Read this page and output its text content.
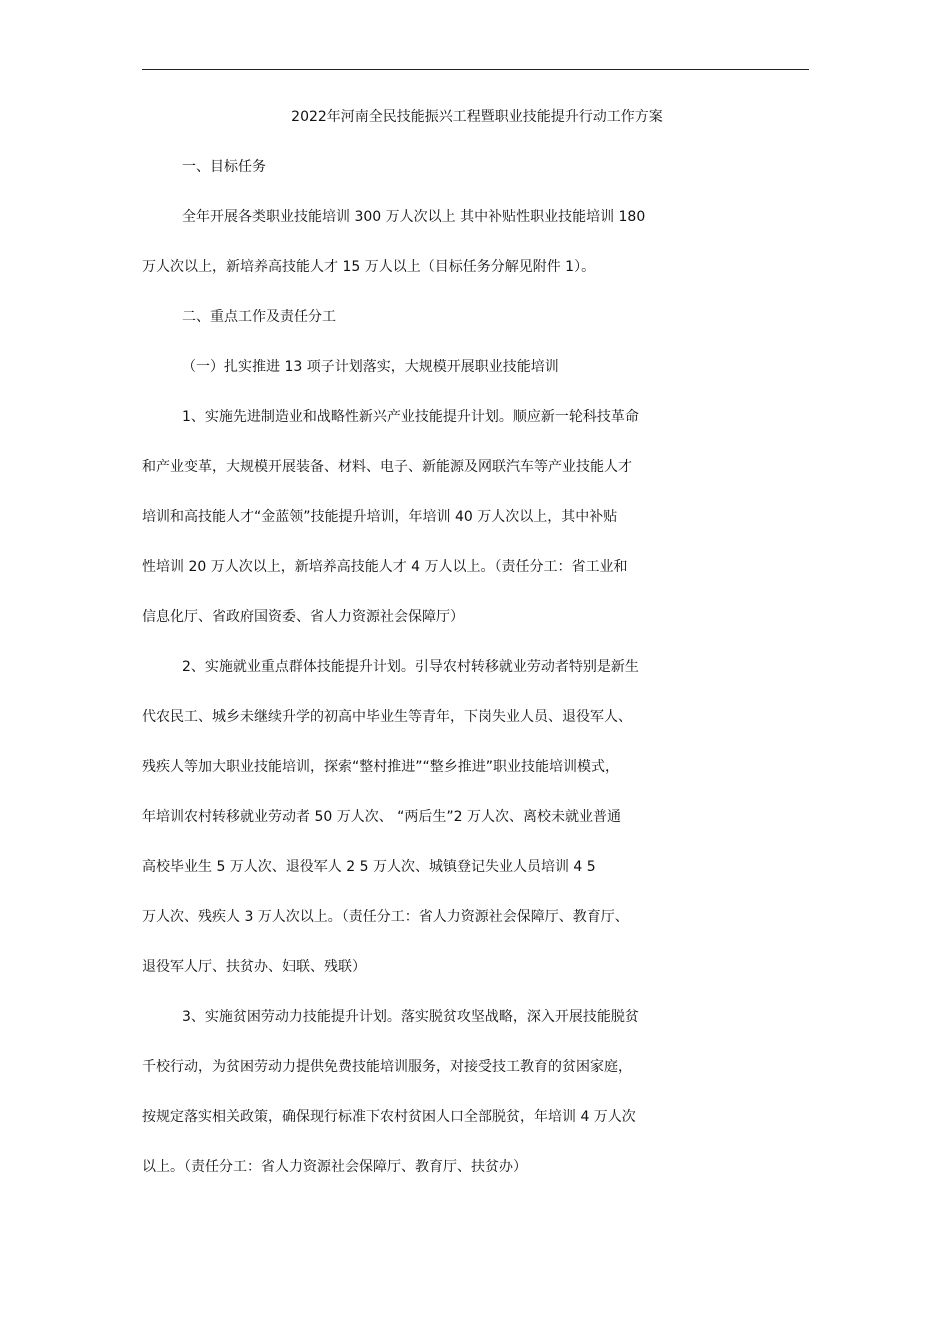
2022年河南全民技能振兴工程暨职业技能提升行动工作方案
一、目标任务
全年开展各类职业技能培训 300 万人次以上 其中补贴性职业技能培训 180
万人次以上，新培养高技能人才 15 万人以上（目标任务分解见附件 1）。
二、重点工作及责任分工
（一）扎实推进 13 项子计划落实，大规模开展职业技能培训
1、实施先进制造业和战略性新兴产业技能提升计划。顺应新一轮科技革命
和产业变革，大规模开展装备、材料、电子、新能源及网联汽车等产业技能人才
培训和高技能人才“金蓝领”技能提升培训，年培训 40 万人次以上，其中补贴
性培训 20 万人次以上，新培养高技能人才 4 万人以上。（责任分工：省工业和
信息化厅、省政府国资委、省人力资源社会保障厅）
2、实施就业重点群体技能提升计划。引导农村转移就业劳动者特别是新生
代农民工、城乡未继续升学的初高中毕业生等青年，下岗失业人员、退役军人、
残疾人等加大职业技能培训，探索“整村推进”“整乡推进”职业技能培训模式，
年培训农村转移就业劳动者 50 万人次、 “两后生”2 万人次、离校未就业普通
高校毕业生 5 万人次、退役军人 2 5 万人次、城镇登记失业人员培训 4 5
万人次、残疾人 3 万人次以上。（责任分工：省人力资源社会保障厅、教育厅、
退役军人厅、扶贫办、妇联、残联）
3、实施贫困劳动力技能提升计划。落实脱贫攻坚战略，深入开展技能脱贫
千校行动，为贫困劳动力提供免费技能培训服务，对接受技工教育的贫困家庭，
按规定落实相关政策，确保现行标准下农村贫困人口全部脱贫，年培训 4 万人次
以上。（责任分工：省人力资源社会保障厅、教育厅、扶贫办）
